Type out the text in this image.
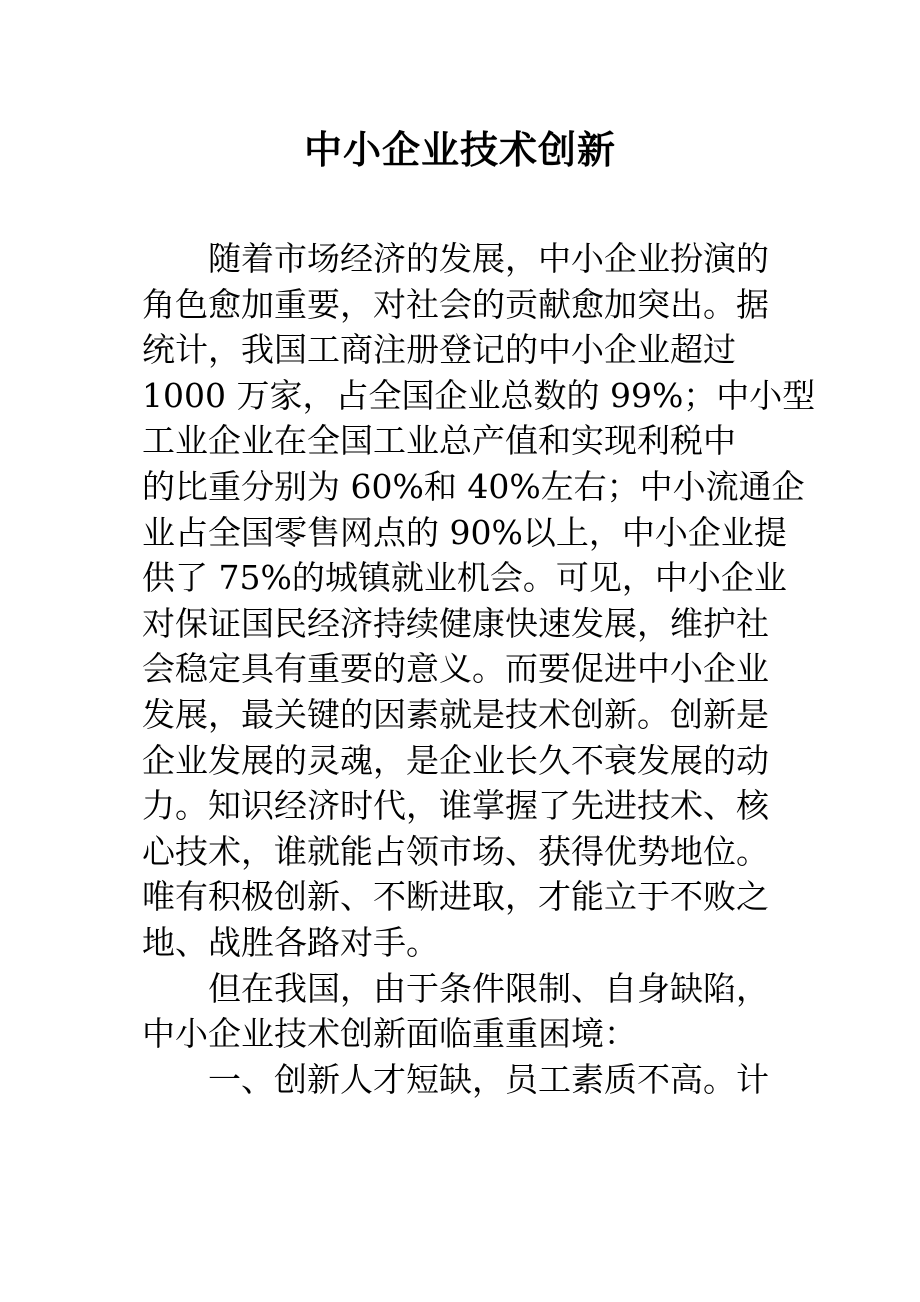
中小企业技术创新
随着市场经济的发展，中小企业扮演的
角色愈加重要，对社会的贡献愈加突出。据
统计，我国工商注册登记的中小企业超过
1000 万家，占全国企业总数的 99%；中小型
工业企业在全国工业总产值和实现利税中
的比重分别为 60%和 40%左右；中小流通企
业占全国零售网点的 90%以上，中小企业提
供了 75%的城镇就业机会。可见，中小企业
对保证国民经济持续健康快速发展，维护社
会稳定具有重要的意义。而要促进中小企业
发展，最关键的因素就是技术创新。创新是
企业发展的灵魂，是企业长久不衰发展的动
力。知识经济时代，谁掌握了先进技术、核
心技术，谁就能占领市场、获得优势地位。
唯有积极创新、不断进取，才能立于不败之
地、战胜各路对手。
但在我国，由于条件限制、自身缺陷，
中小企业技术创新面临重重困境：
一、创新人才短缺，员工素质不高。计
